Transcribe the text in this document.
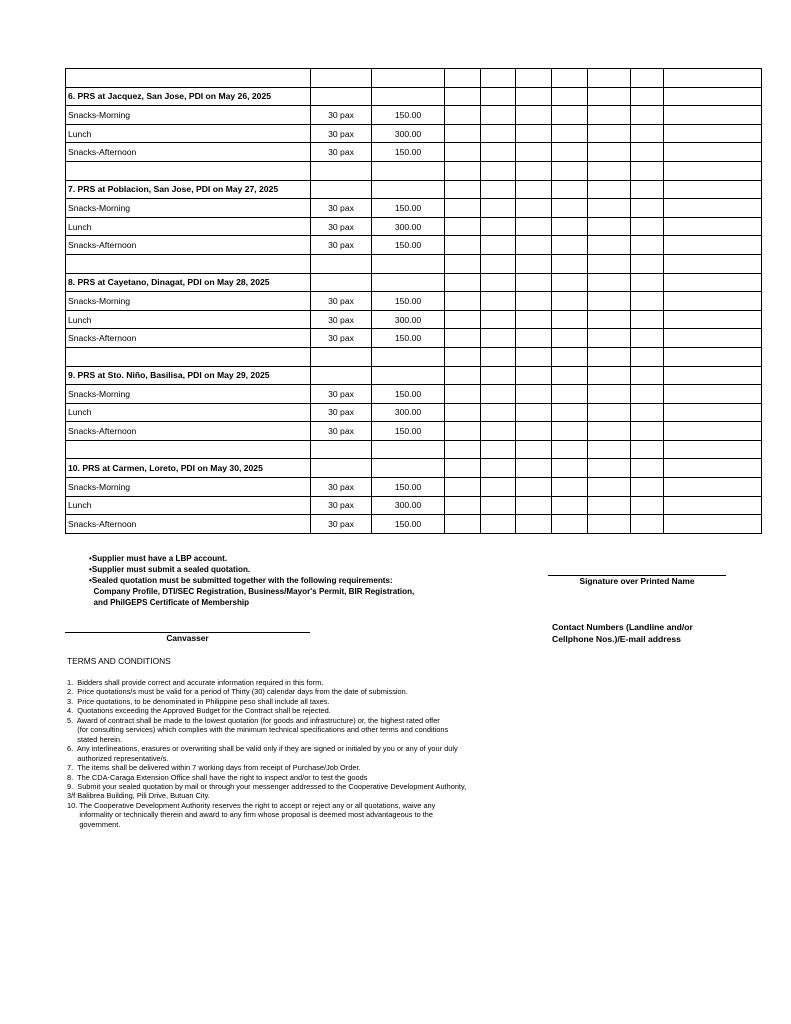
6. PRS at Jacquez, San Jose, PDI on May 26, 2025									
Snacks-Morning	30 pax	150.00							
Lunch	30 pax	300.00							
Snacks-Afternoon	30 pax	150.00							

7. PRS at Poblacion, San Jose, PDI on May 27, 2025									
Snacks-Morning	30 pax	150.00							
Lunch	30 pax	300.00							
Snacks-Afternoon	30 pax	150.00							

8. PRS at Cayetano, Dinagat, PDI on May 28, 2025									
Snacks-Morning	30 pax	150.00							
Lunch	30 pax	300.00							
Snacks-Afternoon	30 pax	150.00							

9. PRS at Sto. Niño, Basilisa, PDI on May 29, 2025									
Snacks-Morning	30 pax	150.00							
Lunch	30 pax	300.00							
Snacks-Afternoon	30 pax	150.00							

10. PRS at Carmen, Loreto, PDI on May 30, 2025									
Snacks-Morning	30 pax	150.00							
Lunch	30 pax	300.00							
Snacks-Afternoon	30 pax	150.00							
•Supplier must have a LBP account.
•Supplier must submit a sealed quotation.
•Sealed quotation must be submitted together with the following requirements:
Company Profile, DTI/SEC Registration, Business/Mayor's Permit, BIR Registration,
and PhilGEPS Certificate of Membership
Signature over Printed Name
Contact Numbers (Landline and/or
Cellphone Nos.)/E-mail address
Canvasser
TERMS AND CONDITIONS
1.  Bidders shall provide correct and accurate information required in this form.
2.  Price quotations/s must be valid for a period of Thirty (30) calendar days from the date of submission.
3.  Price quotations, to be denominated in Philippine peso shall include all taxes.
4.  Quotations exceeding the Approved Budget for the Contract shall be rejected.
5.  Award of contract shall be made to the lowest quotation (for goods and infrastructure) or, the highest rated offer
(for consulting services) which complies with the minimum technical specifications and other terms and conditions
stated herein.
6.  Any interlineations, erasures or overwriting shall be valid only if they are signed or initialed by you or any of your duly
authorized representative/s.
7.  The items shall be delivered within 7 working days from receipt of Purchase/Job Order.
8.  The CDA-Caraga Extension Office shall have the right to inspect and/or to test the goods
9.  Submit your sealed quotation by mail or through your messenger addressed to the Cooperative Development Authority,
3/f Balibrea Building, Pili Drive, Butuan City.
10. The Cooperative Development Authority reserves the right to accept or reject any or all quotations, waive any
informality or technically therein and award to any firm whose proposal is deemed most advantageous to the
government.
